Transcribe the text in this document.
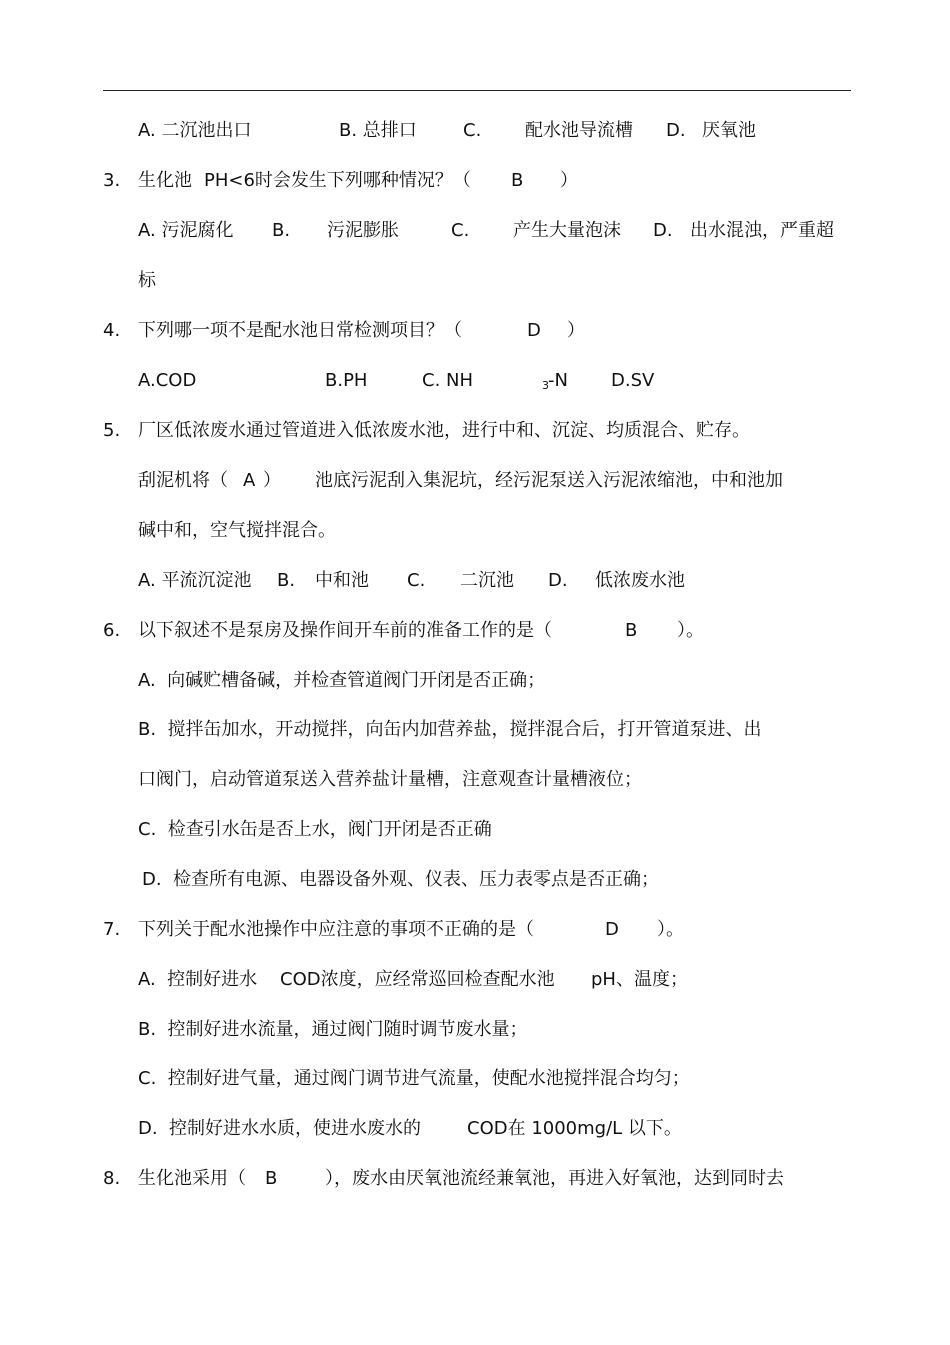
A. 二沉池出口	B. 总排口	C. 配水池导流槽 D. 厌氧池
3. 生化池 PH<6时会发生下列哪种情况？（ B ）
A. 污泥腐化 B. 污泥膨胀	C. 产生大量泡沫 D. 出水混浊，严重超
标
4. 下列哪一项不是配水池日常检测项目？（	D ）
A.COD	B.PH	C. NH	$_3$ -N D.SV
5. 厂区低浓废水通过管道进入低浓废水池，进行中和、沉淀、均质混合、贮存。
刮泥机将（ A ） 池底污泥刮入集泥坑，经污泥泵送入污泥浓缩池，中和池加
碱中和，空气搅拌混合。
A. 平流沉淀池 B. 中和池 C. 二沉池 D. 低浓废水池
6. 以下叙述不是泵房及操作间开车前的准备工作的是（	B ）。
A.  向碱贮槽备碱，并检查管道阀门开闭是否正确；
B.  搅拌缶加水，开动搅拌，向缶内加营养盐，搅拌混合后，打开管道泵进、出
口阀门，启动管道泵送入营养盐计量槽，注意观查计量槽液位；
C.  检查引水缶是否上水，阀门开闭是否正确
D.  检查所有电源、电器设备外观、仪表、压力表零点是否正确；
7. 下列关于配水池操作中应注意的事项不正确的是（	D ）。
A.  控制好进水 COD浓度，应经常巡回检查配水池 pH、温度；
B.  控制好进水流量，通过阀门随时调节废水量；
C.  控制好进气量，通过阀门调节进气流量，使配水池搅拌混合均匀；
D.  控制好进水水质，使进水废水的	COD在 1000mg/L 以下。
8. 生化池采用（ B	），废水由厌氧池流经兼氧池，再进入好氧池，达到同时去
